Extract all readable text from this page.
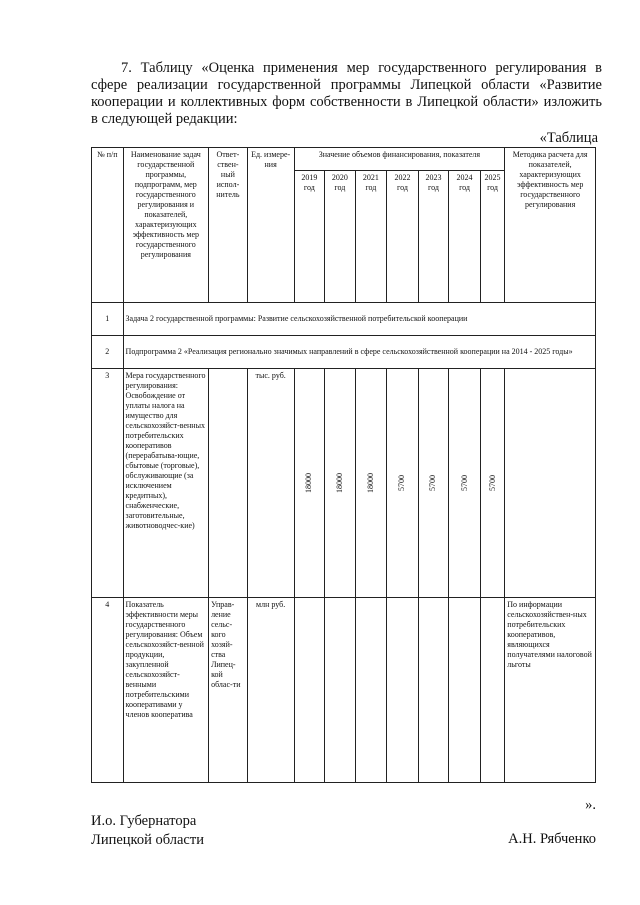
7. Таблицу «Оценка применения мер государственного регулирования в сфере реализации государственной программы Липецкой области «Развитие кооперации и коллективных форм собственности в Липецкой области» изложить в следующей редакции:
«Таблица
№ п/п	Наименование задач государственной программы, подпрограмм, мер государственного регулирования и показателей, характеризующих эффективность мер государственного регулирования	Ответ-ствен-ный испол-нитель	Ед. измере-ния	Значение объемов финансирования, показателя							Методика расчета для показателей, характеризующих эффективность мер государственного регулирования
				2019 год	2020 год	2021 год	2022 год	2023 год	2024 год	2025 год	
1	Задача 2 государственной программы: Развитие сельскохозяйственной потребительской кооперации										
2	Подпрограмма 2 «Реализация регионально значимых направлений в сфере сельскохозяйственной кооперации на 2014 - 2025 годы»										
3	Мера государственного регулирования: Освобождение от уплаты налога на имущество для сельскохозяйст-венных потребительских кооперативов (перерабатыва-ющие, сбытовые (торговые), обслуживающие (за исключением кредитных), снабженческие, заготовительные, животноводчес-кие)		тыс. руб.	18000	18000	18000	5700	5700	5700	5700	

4	Показатель эффективности меры государственного регулирования: Объем сельскохозяйст-венной продукции, закупленной сельскохозяйст-венными потребительскими кооперативами у членов кооператива	Управ-ление сельс-кого хозяй-ства Липец-кой облас-ти	млн руб.								По информации сельскохозяйствен-ных потребительских кооперативов, являющихся получателями налоговой льготы
».
И.о. Губернатора
Липецкой области	А.Н. Рябченко
